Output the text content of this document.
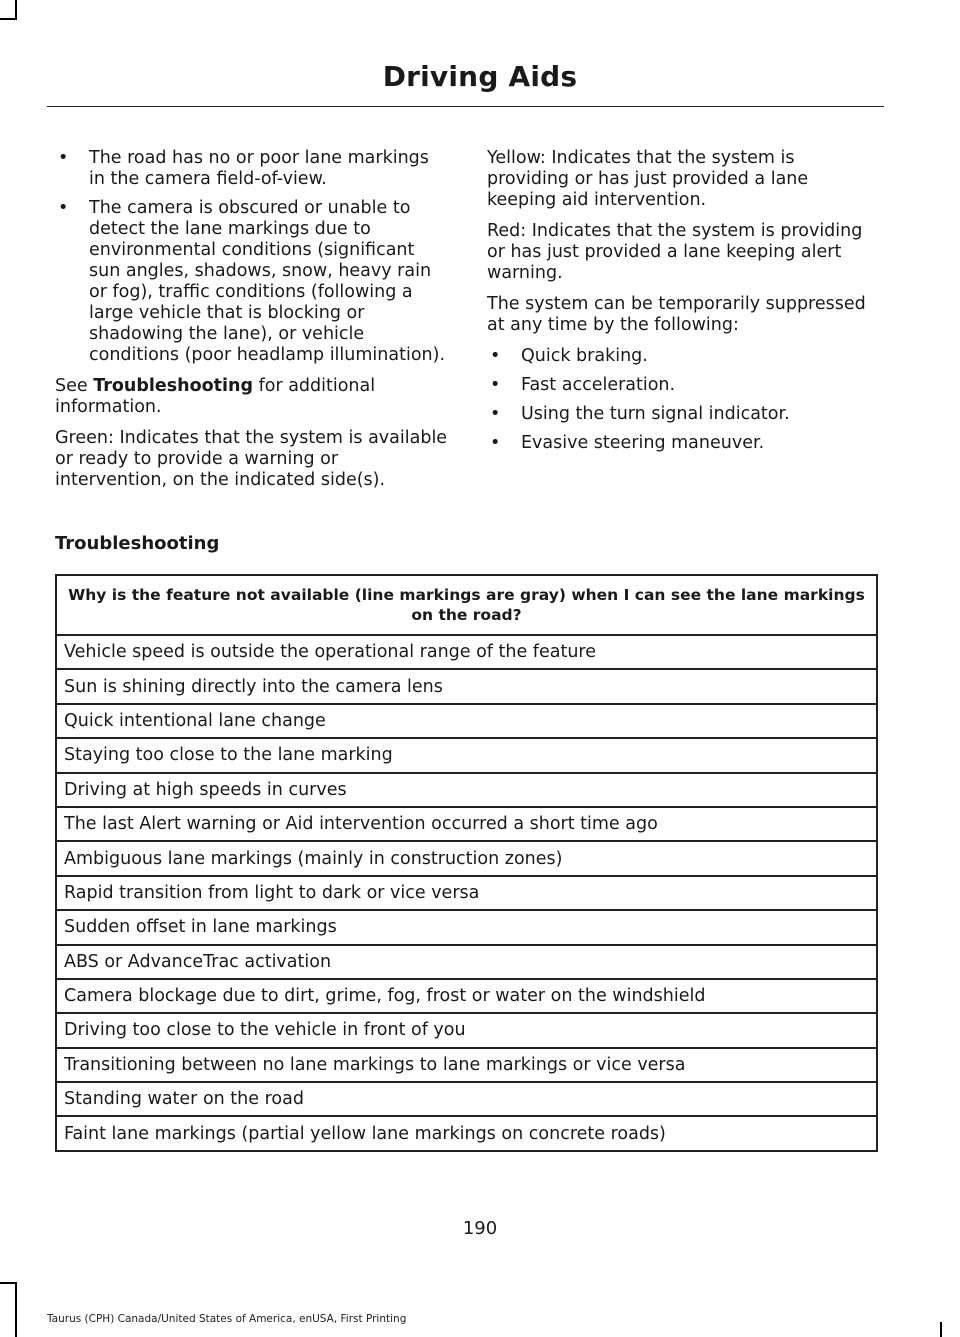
Driving Aids
• The road has no or poor lane markings in the camera field-of-view.
• The camera is obscured or unable to detect the lane markings due to environmental conditions (significant sun angles, shadows, snow, heavy rain or fog), traffic conditions (following a large vehicle that is blocking or shadowing the lane), or vehicle conditions (poor headlamp illumination).

See Troubleshooting for additional information.

Green: Indicates that the system is available or ready to provide a warning or intervention, on the indicated side(s).

Yellow: Indicates that the system is providing or has just provided a lane keeping aid intervention.

Red: Indicates that the system is providing or has just provided a lane keeping alert warning.

The system can be temporarily suppressed at any time by the following:

• Quick braking.
• Fast acceleration.
• Using the turn signal indicator.
• Evasive steering maneuver.
Troubleshooting
Why is the feature not available (line markings are gray) when I can see the lane markings on the road?
Vehicle speed is outside the operational range of the feature
Sun is shining directly into the camera lens
Quick intentional lane change
Staying too close to the lane marking
Driving at high speeds in curves
The last Alert warning or Aid intervention occurred a short time ago
Ambiguous lane markings (mainly in construction zones)
Rapid transition from light to dark or vice versa
Sudden offset in lane markings
ABS or AdvanceTrac activation
Camera blockage due to dirt, grime, fog, frost or water on the windshield
Driving too close to the vehicle in front of you
Transitioning between no lane markings to lane markings or vice versa
Standing water on the road
Faint lane markings (partial yellow lane markings on concrete roads)
190
Taurus (CPH) Canada/United States of America, enUSA, First Printing
